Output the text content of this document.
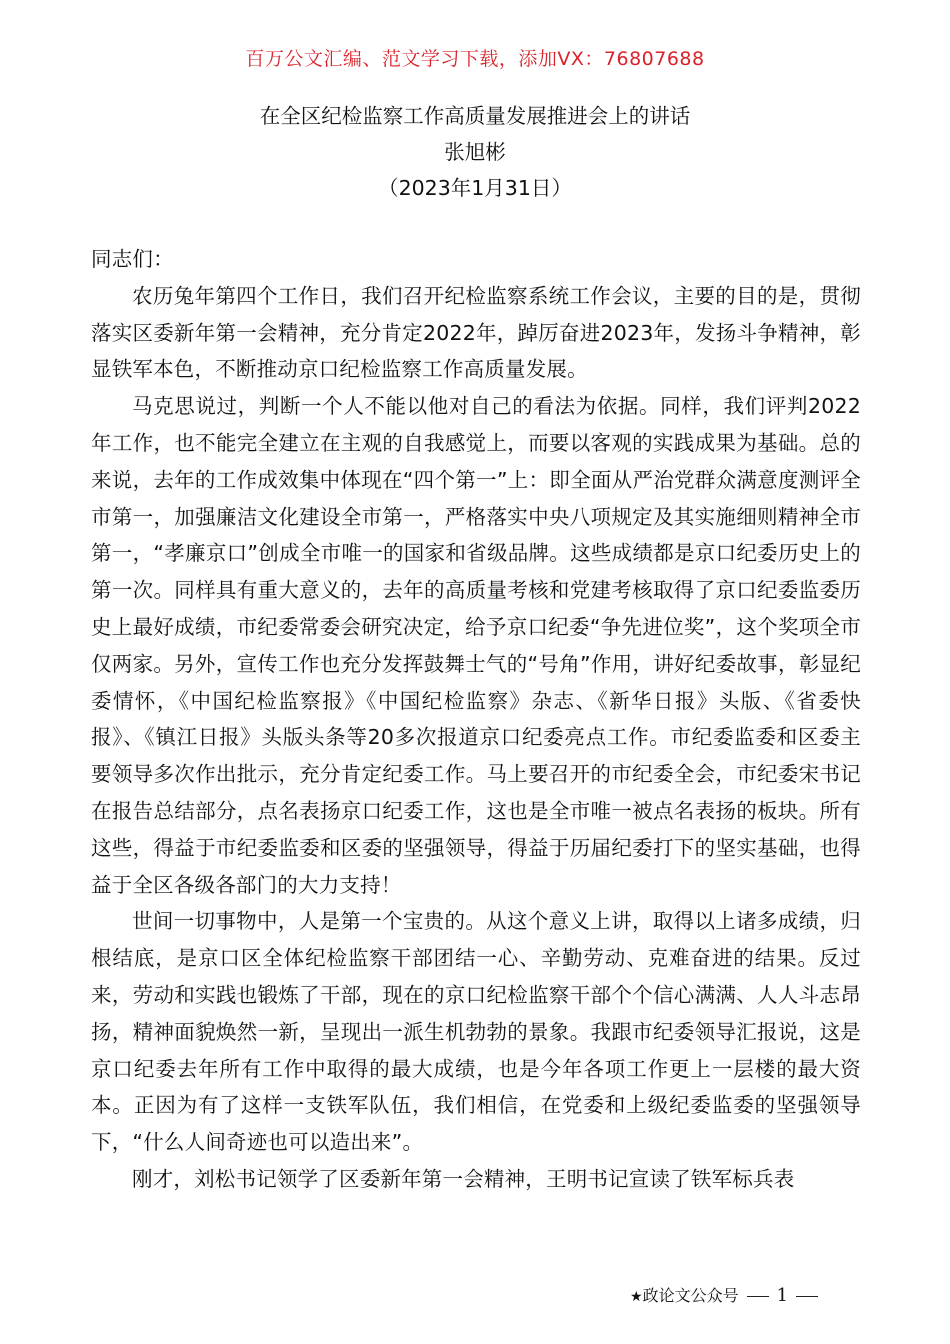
百万公文汇编、范文学习下载，添加VX：76807688
在全区纪检监察工作高质量发展推进会上的讲话
张旭彬
（2023年1月31日）

同志们：

农历兔年第四个工作日，我们召开纪检监察系统工作会议，主要的目的是，贯彻落实区委新年第一会精神，充分肯定2022年，踔厉奋进2023年，发扬斗争精神，彰显铁军本色，不断推动京口纪检监察工作高质量发展。

马克思说过，判断一个人不能以他对自己的看法为依据。同样，我们评判2022年工作，也不能完全建立在主观的自我感觉上，而要以客观的实践成果为基础。总的来说，去年的工作成效集中体现在“四个第一”上：即全面从严治党群众满意度测评全市第一，加强廉洁文化建设全市第一，严格落实中央八项规定及其实施细则精神全市第一，“孝廉京口”创成全市唯一的国家和省级品牌。这些成绩都是京口纪委历史上的第一次。同样具有重大意义的，去年的高质量考核和党建考核取得了京口纪委监委历史上最好成绩，市纪委常委会研究决定，给予京口纪委“争先进位奖”，这个奖项全市仅两家。另外，宣传工作也充分发挥鼓舞士气的“号角”作用，讲好纪委故事，彰显纪委情怀，《中国纪检监察报》《中国纪检监察》杂志、《新华日报》头版、《省委快报》、《镇江日报》头版头条等20多次报道京口纪委亮点工作。市纪委监委和区委主要领导多次作出批示，充分肯定纪委工作。马上要召开的市纪委全会，市纪委宋书记在报告总结部分，点名表扬京口纪委工作，这也是全市唯一被点名表扬的板块。所有这些，得益于市纪委监委和区委的坚强领导，得益于历届纪委打下的坚实基础，也得益于全区各级各部门的大力支持！

世间一切事物中，人是第一个宝贵的。从这个意义上讲，取得以上诸多成绩，归根结底，是京口区全体纪检监察干部团结一心、辛勤劳动、克难奋进的结果。反过来，劳动和实践也锻炼了干部，现在的京口纪检监察干部个个信心满满、人人斗志昂扬，精神面貌焕然一新，呈现出一派生机勃勃的景象。我跟市纪委领导汇报说，这是京口纪委去年所有工作中取得的最大成绩，也是今年各项工作更上一层楼的最大资本。正因为有了这样一支铁军队伍，我们相信，在党委和上级纪委监委的坚强领导下，“什么人间奇迹也可以造出来”。

刚才，刘松书记领学了区委新年第一会精神，王明书记宣读了铁军标兵表

★政论文公众号 1
